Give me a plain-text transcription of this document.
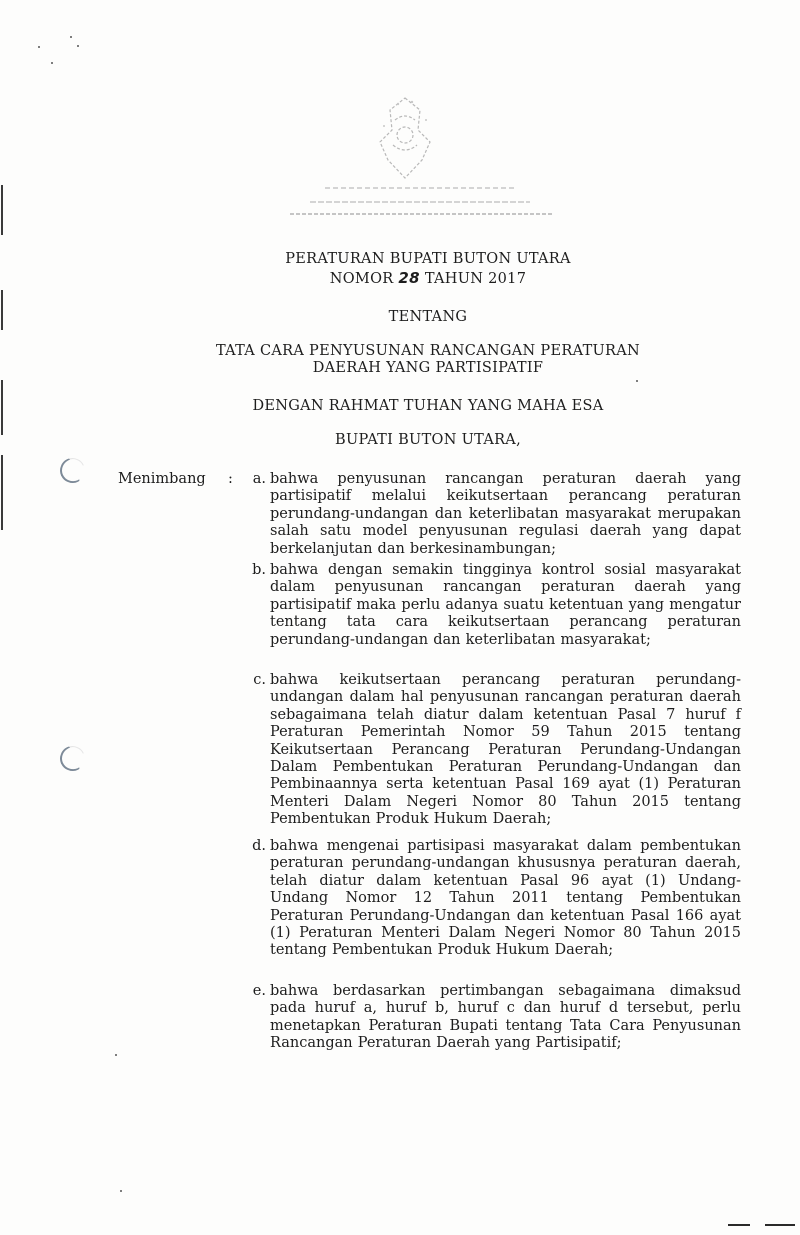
PERATURAN BUPATI BUTON UTARA
NOMOR 28 TAHUN 2017
TENTANG
TATA CARA PENYUSUNAN RANCANGAN PERATURAN
DAERAH YANG PARTISIPATIF
DENGAN RAHMAT TUHAN YANG MAHA ESA
BUPATI BUTON UTARA,
Menimbang :	a. bahwa penyusunan rancangan peraturan daerah yang partisipatif melalui keikutsertaan perancang peraturan perundang-undangan dan keterlibatan masyarakat merupakan salah satu model penyusunan regulasi daerah yang dapat berkelanjutan dan berkesinambungan;
b. bahwa dengan semakin tingginya kontrol sosial masyarakat dalam penyusunan rancangan peraturan daerah yang partisipatif maka perlu adanya suatu ketentuan yang mengatur tentang tata cara keikutsertaan perancang peraturan perundang-undangan dan keterlibatan masyarakat;
c. bahwa keikutsertaan perancang peraturan perundang-undangan dalam hal penyusunan rancangan peraturan daerah sebagaimana telah diatur dalam ketentuan Pasal 7 huruf f Peraturan Pemerintah Nomor 59 Tahun 2015 tentang Keikutsertaan Perancang Peraturan Perundang-Undangan Dalam Pembentukan Peraturan Perundang-Undangan dan Pembinaannya serta ketentuan Pasal 169 ayat (1) Peraturan Menteri Dalam Negeri Nomor 80 Tahun 2015 tentang Pembentukan Produk Hukum Daerah;
d. bahwa mengenai partisipasi masyarakat dalam pembentukan peraturan perundang-undangan khususnya peraturan daerah, telah diatur dalam ketentuan Pasal 96 ayat (1) Undang-Undang Nomor 12 Tahun 2011 tentang Pembentukan Peraturan Perundang-Undangan dan ketentuan Pasal 166 ayat (1) Peraturan Menteri Dalam Negeri Nomor 80 Tahun 2015 tentang Pembentukan Produk Hukum Daerah;
e. bahwa berdasarkan pertimbangan sebagaimana dimaksud pada huruf a, huruf b, huruf c dan huruf d tersebut, perlu menetapkan Peraturan Bupati tentang Tata Cara Penyusunan Rancangan Peraturan Daerah yang Partisipatif;
